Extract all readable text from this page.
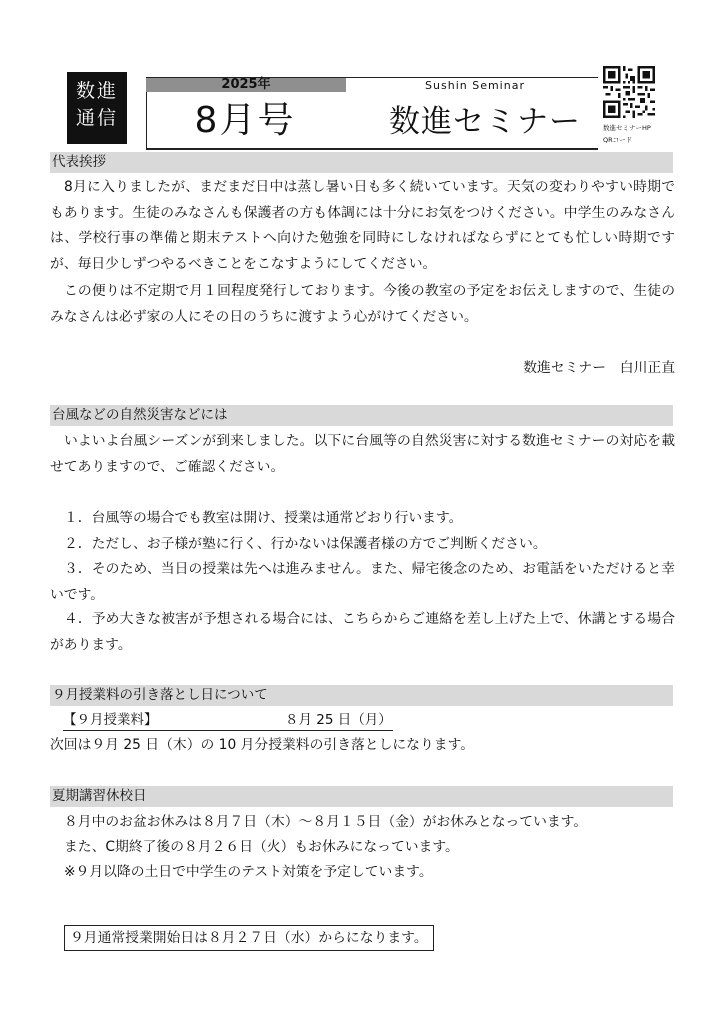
数進
通信
2025年
8月号
Sushin Seminar
数進セミナー	数進セミナーHP
QRコード
代表挨拶
8月に入りましたが、まだまだ日中は蒸し暑い日も多く続いています。天気の変わりやすい時期でもあります。生徒のみなさんも保護者の方も体調には十分にお気をつけください。中学生のみなさんは、学校行事の準備と期末テストへ向けた勉強を同時にしなければならずにとても忙しい時期ですが、毎日少しずつやるべきことをこなすようにしてください。
この便りは不定期で月１回程度発行しております。今後の教室の予定をお伝えしますので、生徒のみなさんは必ず家の人にその日のうちに渡すよう心がけてください。
数進セミナー　白川正直
台風などの自然災害などには
いよいよ台風シーズンが到来しました。以下に台風等の自然災害に対する数進セミナーの対応を載せてありますので、ご確認ください。
１．台風等の場合でも教室は開け、授業は通常どおり行います。
２．ただし、お子様が塾に行く、行かないは保護者様の方でご判断ください。
３．そのため、当日の授業は先へは進みません。また、帰宅後念のため、お電話をいただけると幸いです。
４．予め大きな被害が予想される場合には、こちらからご連絡を差し上げた上で、休講とする場合があります。
９月授業料の引き落とし日について
【９月授業料】	８月 25 日（月）
次回は９月 25 日（木）の 10 月分授業料の引き落としになります。
夏期講習休校日
８月中のお盆お休みは８月７日（木）～８月１５日（金）がお休みとなっています。
また、C期終了後の８月２６日（火）もお休みになっています。
※９月以降の土日で中学生のテスト対策を予定しています。
９月通常授業開始日は８月２７日（水）からになります。
